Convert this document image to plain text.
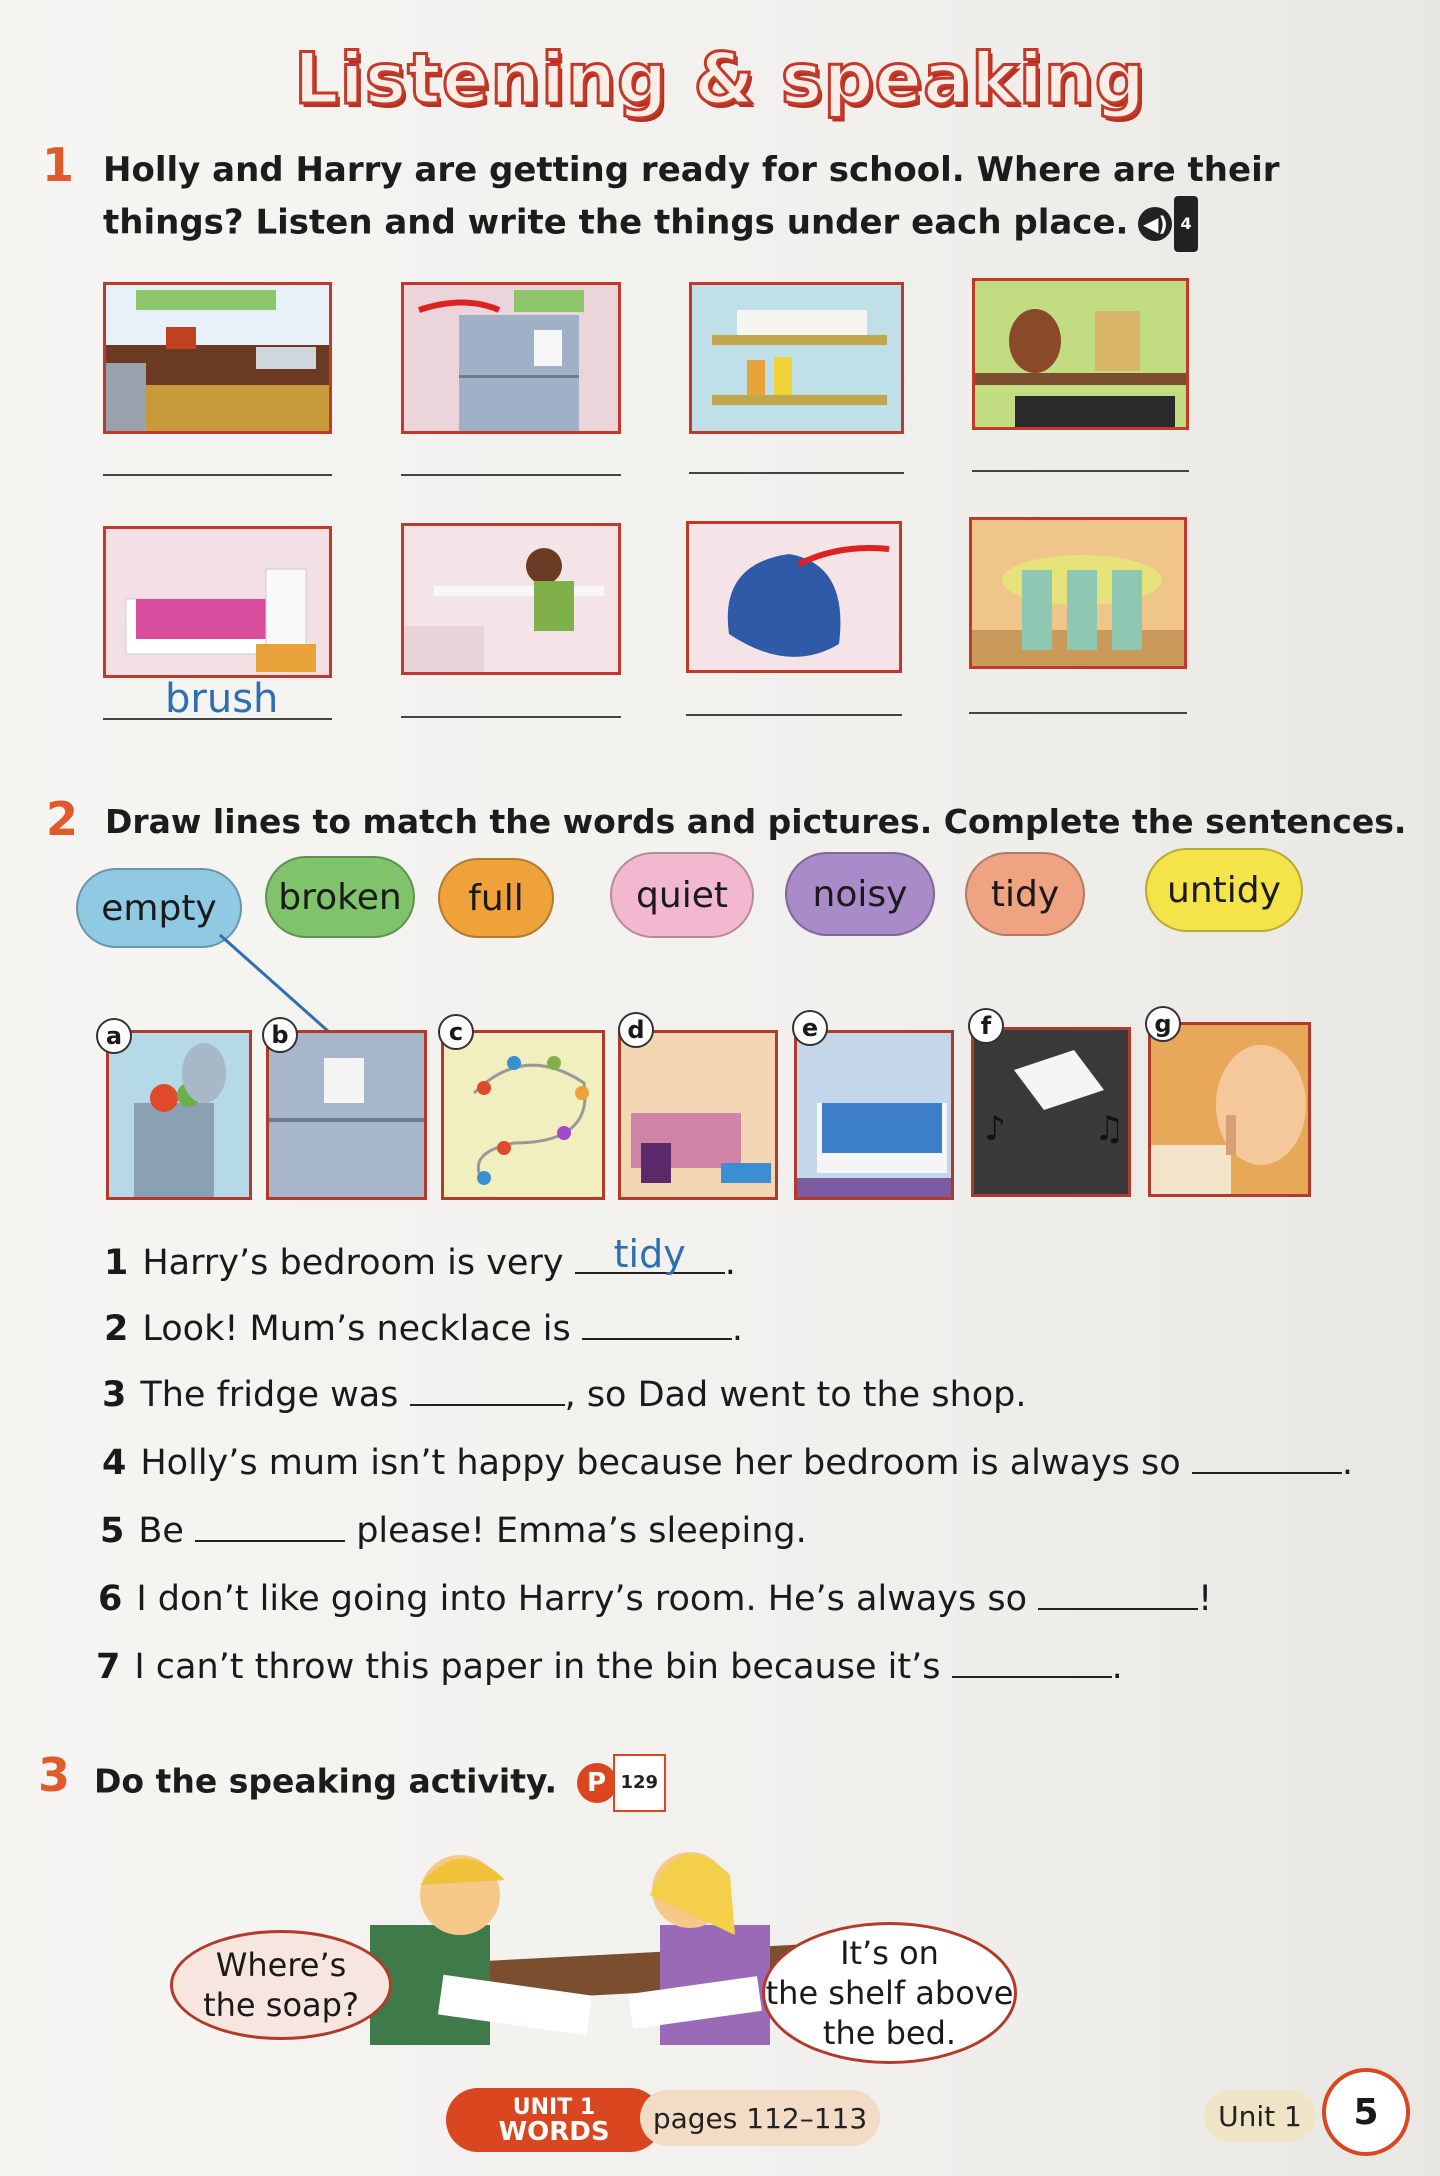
Listening & speaking
1 Holly and Harry are getting ready for school. Where are their
things? Listen and write the things under each place. ◀) 4
brush
2 Draw lines to match the words and pictures. Complete the sentences.
empty broken full	quiet noisy tidy	untidy
♪	♫
a	b	c	d	e	f	g
1 Harry’s bedroom is very	tidy	.
2 Look! Mum’s necklace is	.
3 The fridge was	, so Dad went to the shop.
4 Holly’s mum isn’t happy because her bedroom is always so	.
5 Be	please! Emma’s sleeping.
6 I don’t like going into Harry’s room. He’s always so	!
7 I can’t throw this paper in the bin because it’s	.
3 Do the speaking activity.	P 129
Where’s
the soap?
It’s on
the shelf above
the bed.
UNIT 1
WORDS	pages 112–113	Unit 1	5
